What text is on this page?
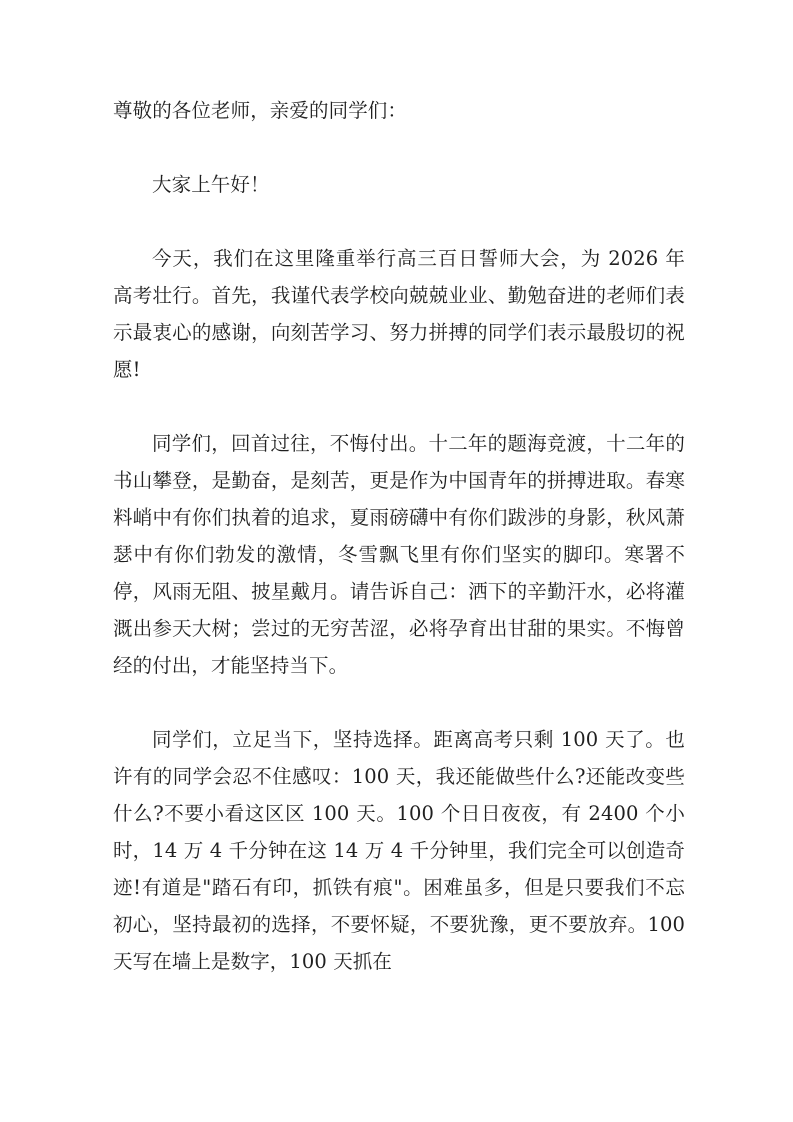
尊敬的各位老师，亲爱的同学们：

大家上午好！

今天，我们在这里隆重举行高三百日誓师大会，为 2026 年高考壮行。首先，我谨代表学校向兢兢业业、勤勉奋进的老师们表示最衷心的感谢，向刻苦学习、努力拼搏的同学们表示最殷切的祝愿!

同学们，回首过往，不悔付出。十二年的题海竞渡，十二年的书山攀登，是勤奋，是刻苦，更是作为中国青年的拼搏进取。春寒料峭中有你们执着的追求，夏雨磅礴中有你们跋涉的身影，秋风萧瑟中有你们勃发的激情，冬雪飘飞里有你们坚实的脚印。寒署不停，风雨无阻、披星戴月。请告诉自己：洒下的辛勤汗水，必将灌溉出参天大树；尝过的无穷苦涩，必将孕育出甘甜的果实。不悔曾经的付出，才能坚持当下。

同学们，立足当下，坚持选择。距离高考只剩 100 天了。也许有的同学会忍不住感叹：100 天，我还能做些什么?还能改变些什么?不要小看这区区 100 天。100 个日日夜夜，有 2400 个小时，14 万 4 千分钟在这 14 万 4 千分钟里，我们完全可以创造奇迹!有道是"踏石有印，抓铁有痕"。困难虽多，但是只要我们不忘初心，坚持最初的选择，不要怀疑，不要犹豫，更不要放弃。100 天写在墙上是数字，100 天抓在
